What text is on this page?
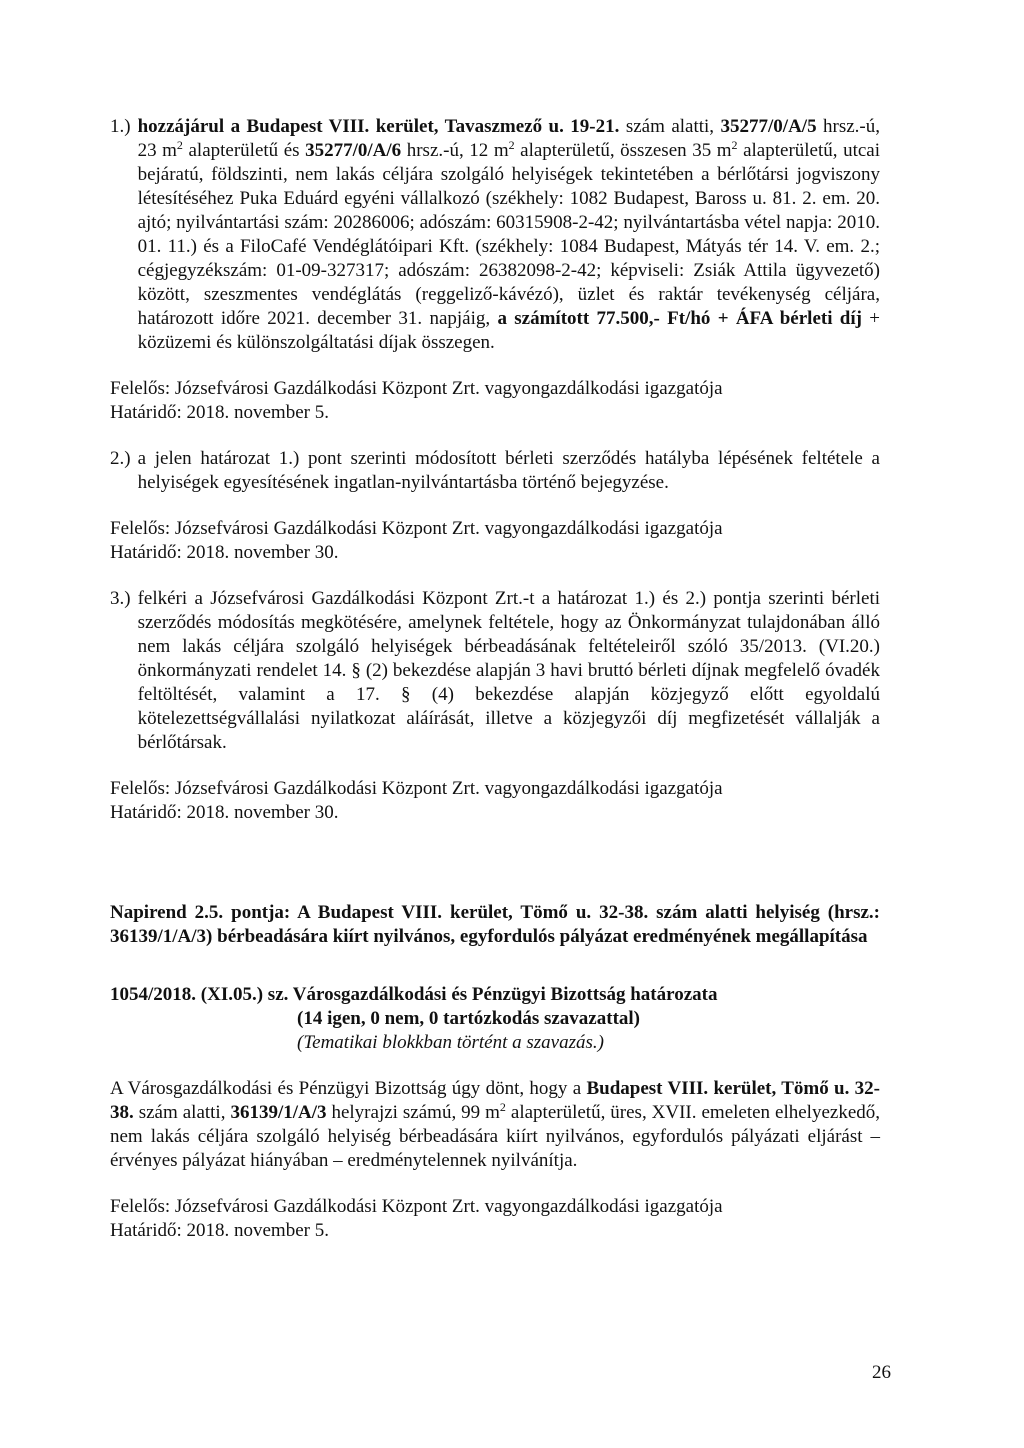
1.) hozzájárul a Budapest VIII. kerület, Tavaszmező u. 19-21. szám alatti, 35277/0/A/5 hrsz.-ú, 23 $m^2$ alapterületű és 35277/0/A/6 hrsz.-ú, 12 $m^2$ alapterületű, összesen 35 $m^2$ alapterületű, utcai bejáratú, földszinti, nem lakás céljára szolgáló helyiségek tekintetében a bérlőtársi jogviszony létesítéséhez Puka Eduárd egyéni vállalkozó (székhely: 1082 Budapest, Baross u. 81. 2. em. 20. ajtó; nyilvántartási szám: 20286006; adószám: 60315908-2-42; nyilvántartásba vétel napja: 2010. 01. 11.) és a FiloCafé Vendéglátóipari Kft. (székhely: 1084 Budapest, Mátyás tér 14. V. em. 2.; cégjegyzékszám: 01-09-327317; adószám: 26382098-2-42; képviseli: Zsiák Attila ügyvezető) között, szeszmentes vendéglátás (reggeliző-kávézó), üzlet és raktár tevékenység céljára, határozott időre 2021. december 31. napjáig, a számított 77.500,- Ft/hó + ÁFA bérleti díj + közüzemi és különszolgáltatási díjak összegen.

Felelős: Józsefvárosi Gazdálkodási Központ Zrt. vagyongazdálkodási igazgatója

Határidő: 2018. november 5.

2.) a jelen határozat 1.) pont szerinti módosított bérleti szerződés hatályba lépésének feltétele a helyiségek egyesítésének ingatlan-nyilvántartásba történő bejegyzése.

Felelős: Józsefvárosi Gazdálkodási Központ Zrt. vagyongazdálkodási igazgatója

Határidő: 2018. november 30.

3.) felkéri a Józsefvárosi Gazdálkodási Központ Zrt.-t a határozat 1.) és 2.) pontja szerinti bérleti szerződés módosítás megkötésére, amelynek feltétele, hogy az Önkormányzat tulajdonában álló nem lakás céljára szolgáló helyiségek bérbeadásának feltételeiről szóló 35/2013. (VI.20.) önkormányzati rendelet 14. § (2) bekezdése alapján 3 havi bruttó bérleti díjnak megfelelő óvadék feltöltését, valamint a 17. § (4) bekezdése alapján közjegyző előtt egyoldalú kötelezettségvállalási nyilatkozat aláírását, illetve a közjegyzői díj megfizetését vállalják a bérlőtársak.

Felelős: Józsefvárosi Gazdálkodási Központ Zrt. vagyongazdálkodási igazgatója

Határidő: 2018. november 30.

Napirend 2.5. pontja: A Budapest VIII. kerület, Tömő u. 32-38. szám alatti helyiség (hrsz.: 36139/1/A/3) bérbeadására kiírt nyilvános, egyfordulós pályázat eredményének megállapítása

1054/2018. (XI.05.) sz. Városgazdálkodási és Pénzügyi Bizottság határozata

(14 igen, 0 nem, 0 tartózkodás szavazattal)

(Tematikai blokkban történt a szavazás.)

A Városgazdálkodási és Pénzügyi Bizottság úgy dönt, hogy a Budapest VIII. kerület, Tömő u. 32-38. szám alatti, 36139/1/A/3 helyrajzi számú, 99 $m^2$ alapterületű, üres, XVII. emeleten elhelyezkedő, nem lakás céljára szolgáló helyiség bérbeadására kiírt nyilvános, egyfordulós pályázati eljárást – érvényes pályázat hiányában – eredménytelennek nyilvánítja.

Felelős: Józsefvárosi Gazdálkodási Központ Zrt. vagyongazdálkodási igazgatója

Határidő: 2018. november 5.

26
